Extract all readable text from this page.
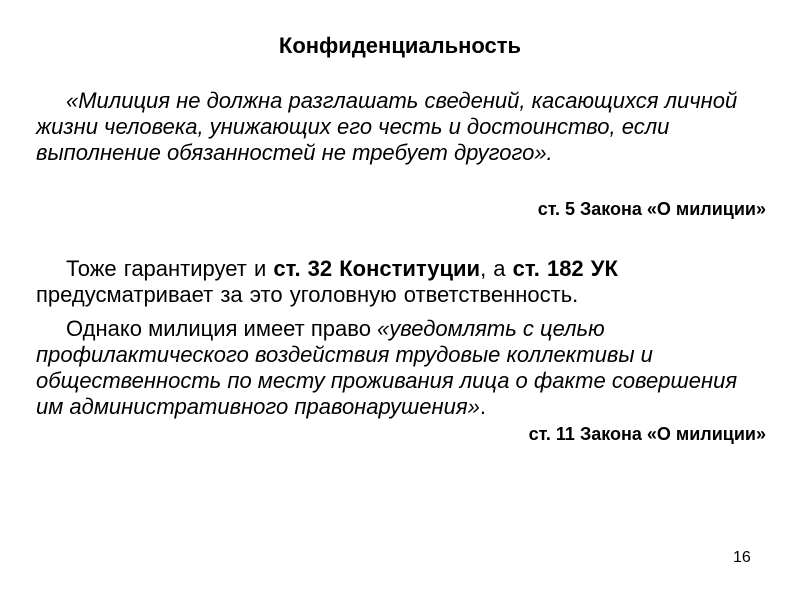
Конфиденциальность
«Милиция не должна разглашать сведений, касающихся личной жизни человека, унижающих его честь и достоинство, если выполнение обязанностей не требует другого».
ст. 5 Закона «О милиции»
Тоже гарантирует и ст. 32 Конституции, а ст. 182 УК предусматривает за это уголовную ответственность.
Однако милиция имеет право «уведомлять с целью профилактического воздействия трудовые коллективы и общественность по месту проживания лица о факте совершения им административного правонарушения».
ст. 11 Закона «О милиции»
16
